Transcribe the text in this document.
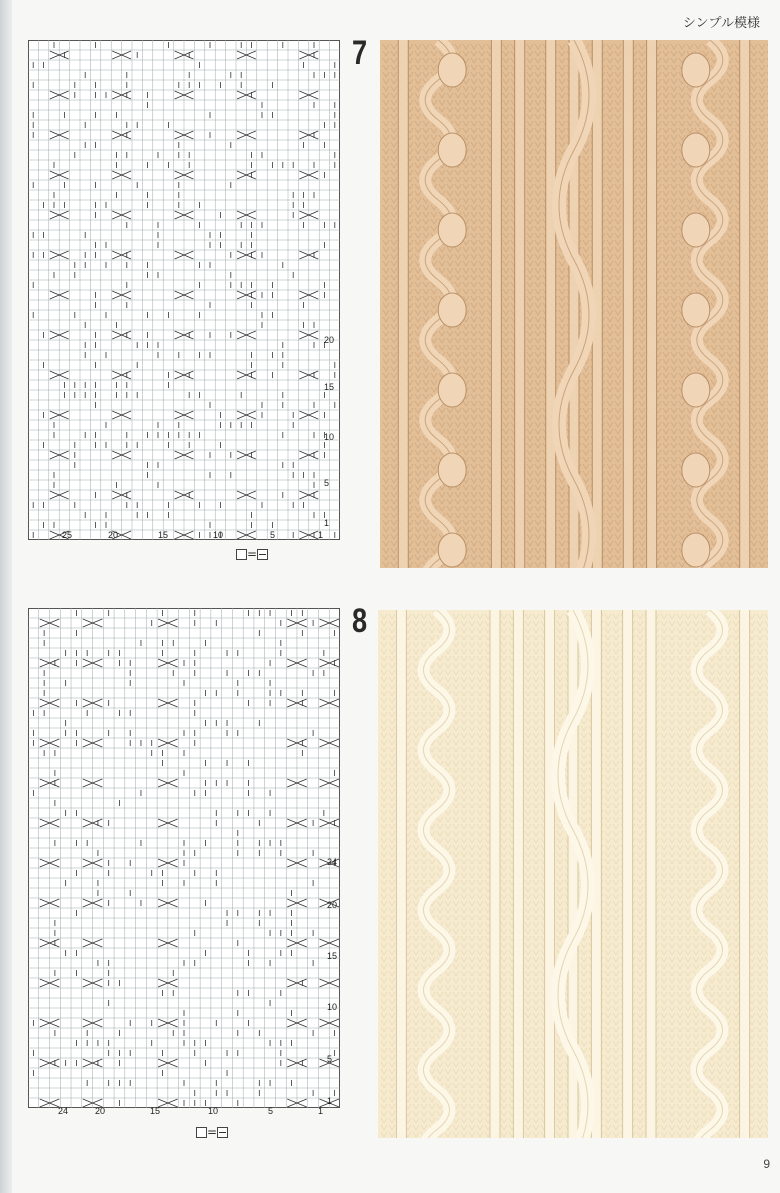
シンプル模様
1
5
10
15
20
25	20	15	10	5	1
=
7
1
5
10
15
20
24
24	20	15	10	5	1
=
8
9
